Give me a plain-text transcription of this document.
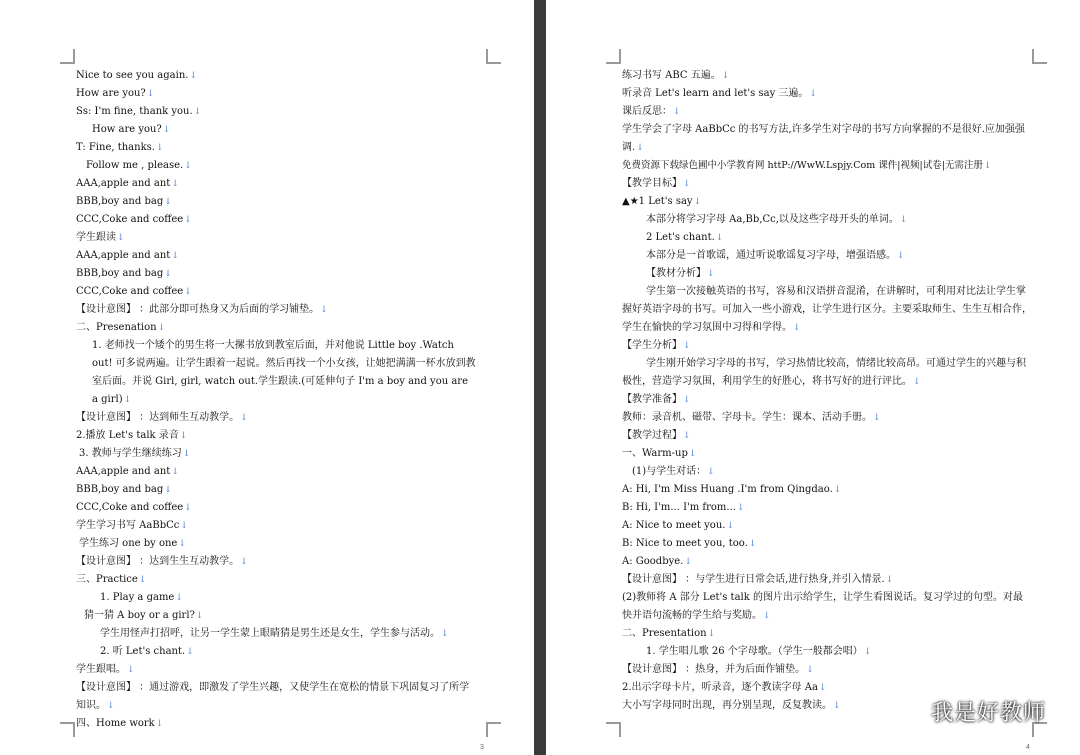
Nice to see you again. ↓
How are you? ↓
Ss: I'm fine, thank you. ↓
How are you? ↓
T: Fine, thanks. ↓
Follow me , please. ↓
AAA,apple and ant ↓
BBB,boy and bag ↓
CCC,Coke and coffee ↓
学生跟读 ↓
AAA,apple and ant ↓
BBB,boy and bag ↓
CCC,Coke and coffee ↓
【设计意图】 ：此部分即可热身又为后面的学习铺垫。 ↓
二、Presenation ↓
1. 老师找一个矮个的男生将一大摞书放到教室后面，并对他说 Little boy .Watch out! 可多说两遍。让学生跟着一起说。然后再找一个小女孩，让她把满满一杯水放到教室后面。并说 Girl, girl, watch out.学生跟读.(可延伸句子 I'm a boy and you are a girl) ↓
【设计意图】 ：达到师生互动教学。 ↓
2.播放 Let's talk 录音 ↓
3. 教师与学生继续练习 ↓
AAA,apple and ant ↓
BBB,boy and bag ↓
CCC,Coke and coffee ↓
学生学习书写 AaBbCc ↓
学生练习 one by one ↓
【设计意图】 ：达到生生互动教学。 ↓
三、Practice ↓
1. Play a game ↓
猜一猜 A boy or a girl? ↓
学生用怪声打招呼，让另一学生蒙上眼睛猜是男生还是女生，学生参与活动。 ↓
2. 听 Let's chant. ↓
学生跟唱。 ↓
【设计意图】 ：通过游戏，即激发了学生兴趣，又使学生在宽松的情景下巩固复习了所学知识。 ↓
四、Home work ↓
3
练习书写 ABC 五遍。 ↓
听录音 Let's learn and let's say 三遍。 ↓
课后反思： ↓
学生学会了字母 AaBbCc 的书写方法,许多学生对字母的书写方向掌握的不是很好.应加强强调. ↓
免费资源下载绿色圃中小学教育网 httP://WwW.Lspjy.Com 课件|视频|试卷|无需注册 ↓
【教学目标】 ↓
▲★1 Let's say ↓
本部分将学习字母 Aa,Bb,Cc,以及这些字母开头的单词。 ↓
2 Let's chant. ↓
本部分是一首歌谣，通过听说歌谣复习字母，增强语感。 ↓
【教材分析】 ↓
学生第一次接触英语的书写，容易和汉语拼音混淆，在讲解时，可利用对比法让学生掌握好英语字母的书写。可加入一些小游戏，让学生进行区分。主要采取师生、生生互相合作，学生在愉快的学习氛围中习得和学得。 ↓
【学生分析】 ↓
学生刚开始学习字母的书写，学习热情比较高，情绪比较高昂。可通过学生的兴趣与积极性，营造学习氛围，利用学生的好胜心，将书写好的进行评比。 ↓
【教学准备】 ↓
教师：录音机、磁带、字母卡。学生：课本、活动手册。 ↓
【教学过程】 ↓
一、Warm-up ↓
(1)与学生对话： ↓
A: Hi, I'm Miss Huang .I'm from Qingdao. ↓
B: Hi, I'm... I'm from... ↓
A: Nice to meet you. ↓
B: Nice to meet you, too. ↓
A: Goodbye. ↓
【设计意图】 ：与学生进行日常会话,进行热身,并引入情景. ↓
(2)教师将 A 部分 Let's talk 的图片出示给学生，让学生看图说话。复习学过的句型。对最快并语句流畅的学生给与奖励。 ↓
二、Presentation ↓
1. 学生唱儿歌 26 个字母歌。（学生一般都会唱） ↓
【设计意图】 ：热身，并为后面作铺垫。 ↓
2.出示字母卡片，听录音，逐个教读字母 Aa ↓
大小写字母同时出现，再分别呈现，反复教读。 ↓
4
我是好教师
